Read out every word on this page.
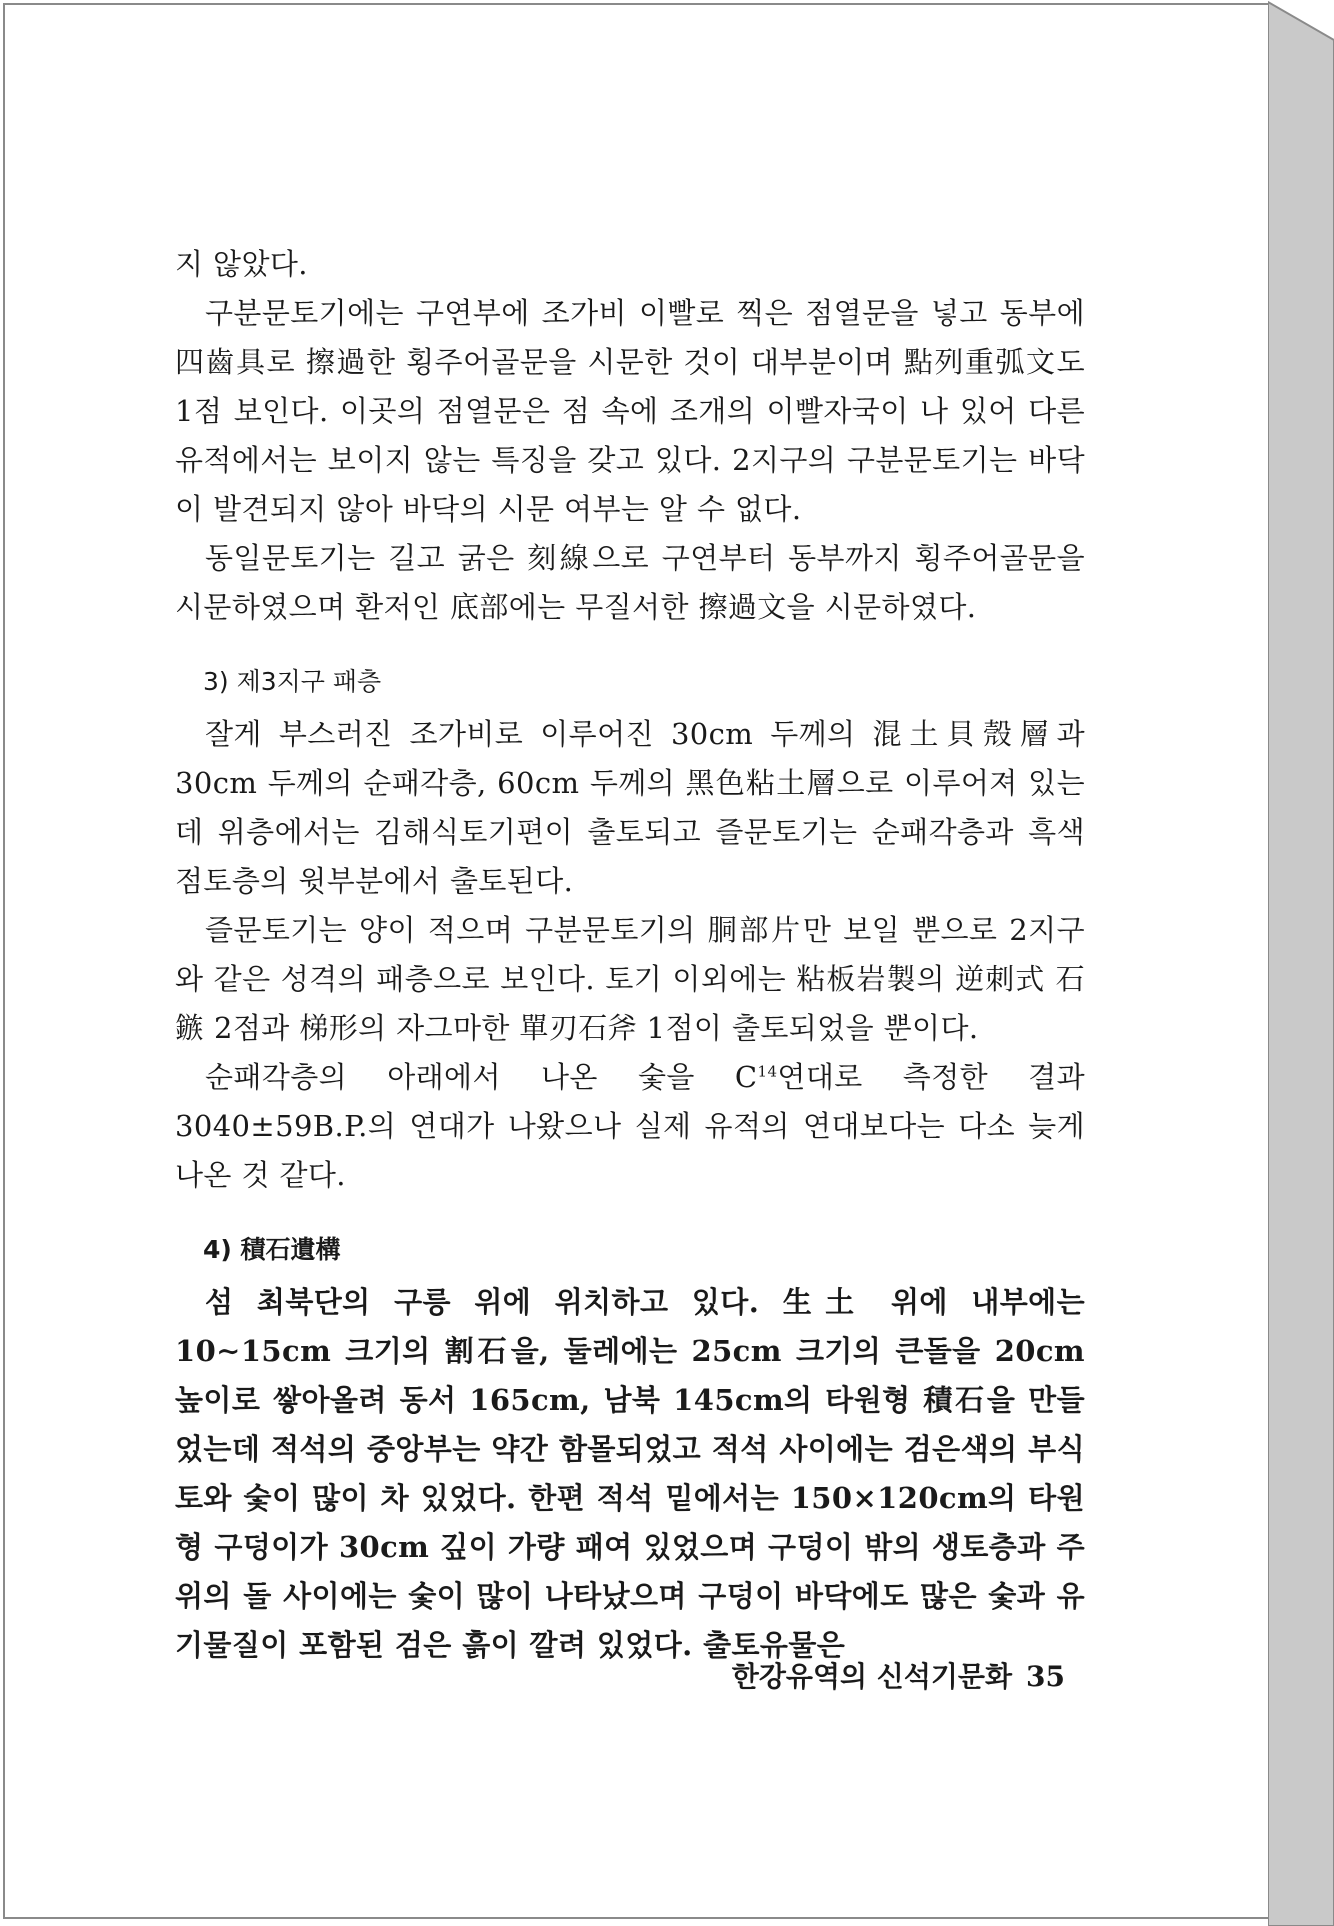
지 않았다.

구분문토기에는 구연부에 조가비 이빨로 찍은 점열문을 넣고 동부에 四齒具로 擦過한 횡주어골문을 시문한 것이 대부분이며 點列重弧文도 1점 보인다. 이곳의 점열문은 점 속에 조개의 이빨자국이 나 있어 다른 유적에서는 보이지 않는 특징을 갖고 있다. 2지구의 구분문토기는 바닥이 발견되지 않아 바닥의 시문 여부는 알 수 없다.

동일문토기는 길고 굵은 刻線으로 구연부터 동부까지 횡주어골문을 시문하였으며 환저인 底部에는 무질서한 擦過文을 시문하였다.

3) 제3지구 패층

잘게 부스러진 조가비로 이루어진 30cm 두께의 混土貝殼層과 30cm 두께의 순패각층, 60cm 두께의 黑色粘土層으로 이루어져 있는데 위층에서는 김해식토기편이 출토되고 즐문토기는 순패각층과 흑색점토층의 윗부분에서 출토된다.

즐문토기는 양이 적으며 구분문토기의 胴部片만 보일 뿐으로 2지구와 같은 성격의 패층으로 보인다. 토기 이외에는 粘板岩製의 逆刺式 石鏃 2점과 梯形의 자그마한 單刃石斧 1점이 출토되었을 뿐이다.

순패각층의 아래에서 나온 숯을 $C^{14}$연대로 측정한 결과 3040±59B.P.의 연대가 나왔으나 실제 유적의 연대보다는 다소 늦게 나온 것 같다.

4) 積石遺構

섬 최북단의 구릉 위에 위치하고 있다. 生土 위에 내부에는 10∼15cm 크기의 割石을, 둘레에는 25cm 크기의 큰돌을 20cm 높이로 쌓아올려 동서 165cm, 남북 145cm의 타원형 積石을 만들었는데 적석의 중앙부는 약간 함몰되었고 적석 사이에는 검은색의 부식토와 숯이 많이 차 있었다. 한편 적석 밑에서는 150×120cm의 타원형 구덩이가 30cm 깊이 가량 패여 있었으며 구덩이 밖의 생토층과 주위의 돌 사이에는 숯이 많이 나타났으며 구덩이 바닥에도 많은 숯과 유기물질이 포함된 검은 흙이 깔려 있었다. 출토유물은

한강유역의 신석기문화 35
